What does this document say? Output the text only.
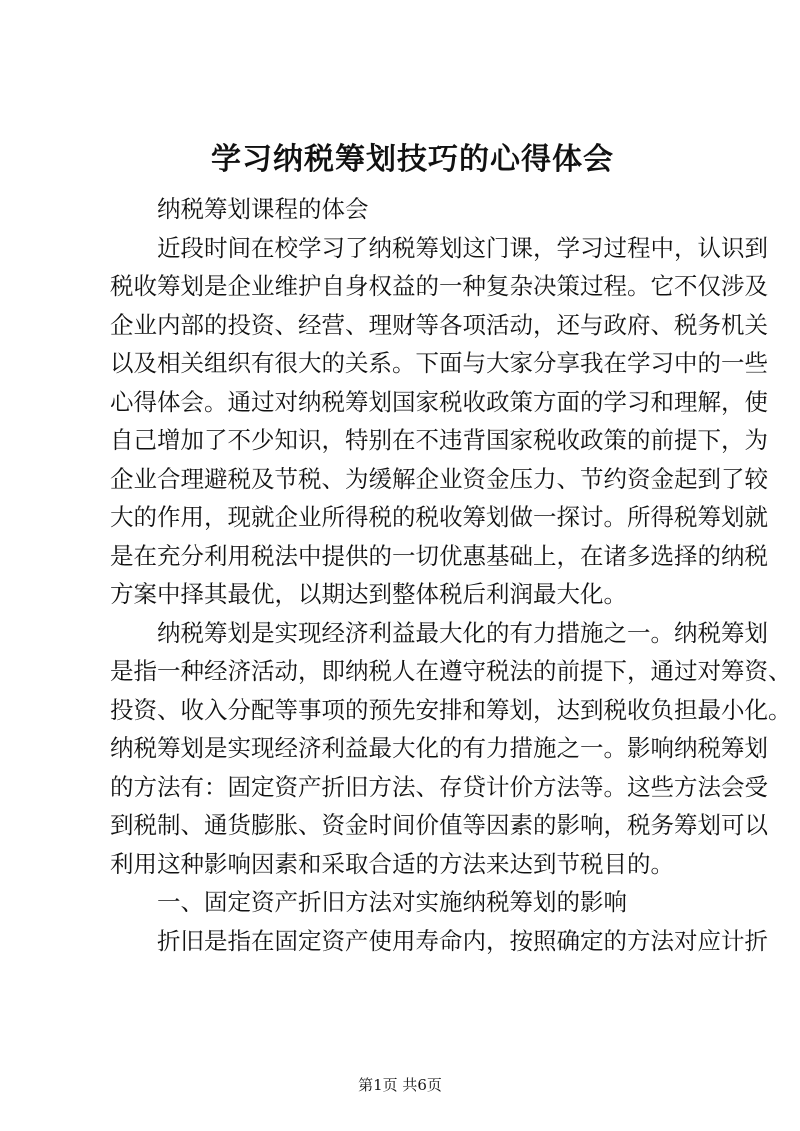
学习纳税筹划技巧的心得体会

纳税筹划课程的体会

近段时间在校学习了纳税筹划这门课，学习过程中，认识到

税收筹划是企业维护自身权益的一种复杂决策过程。它不仅涉及

企业内部的投资、经营、理财等各项活动，还与政府、税务机关

以及相关组织有很大的关系。下面与大家分享我在学习中的一些

心得体会。通过对纳税筹划国家税收政策方面的学习和理解，使

自己增加了不少知识，特别在不违背国家税收政策的前提下，为

企业合理避税及节税、为缓解企业资金压力、节约资金起到了较

大的作用，现就企业所得税的税收筹划做一探讨。所得税筹划就

是在充分利用税法中提供的一切优惠基础上，在诸多选择的纳税

方案中择其最优，以期达到整体税后利润最大化。

纳税筹划是实现经济利益最大化的有力措施之一。纳税筹划

是指一种经济活动，即纳税人在遵守税法的前提下，通过对筹资、

投资、收入分配等事项的预先安排和筹划，达到税收负担最小化。

纳税筹划是实现经济利益最大化的有力措施之一。影响纳税筹划

的方法有：固定资产折旧方法、存贷计价方法等。这些方法会受

到税制、通货膨胀、资金时间价值等因素的影响，税务筹划可以

利用这种影响因素和采取合适的方法来达到节税目的。

一、固定资产折旧方法对实施纳税筹划的影响

折旧是指在固定资产使用寿命内，按照确定的方法对应计折

第1页 共6页
